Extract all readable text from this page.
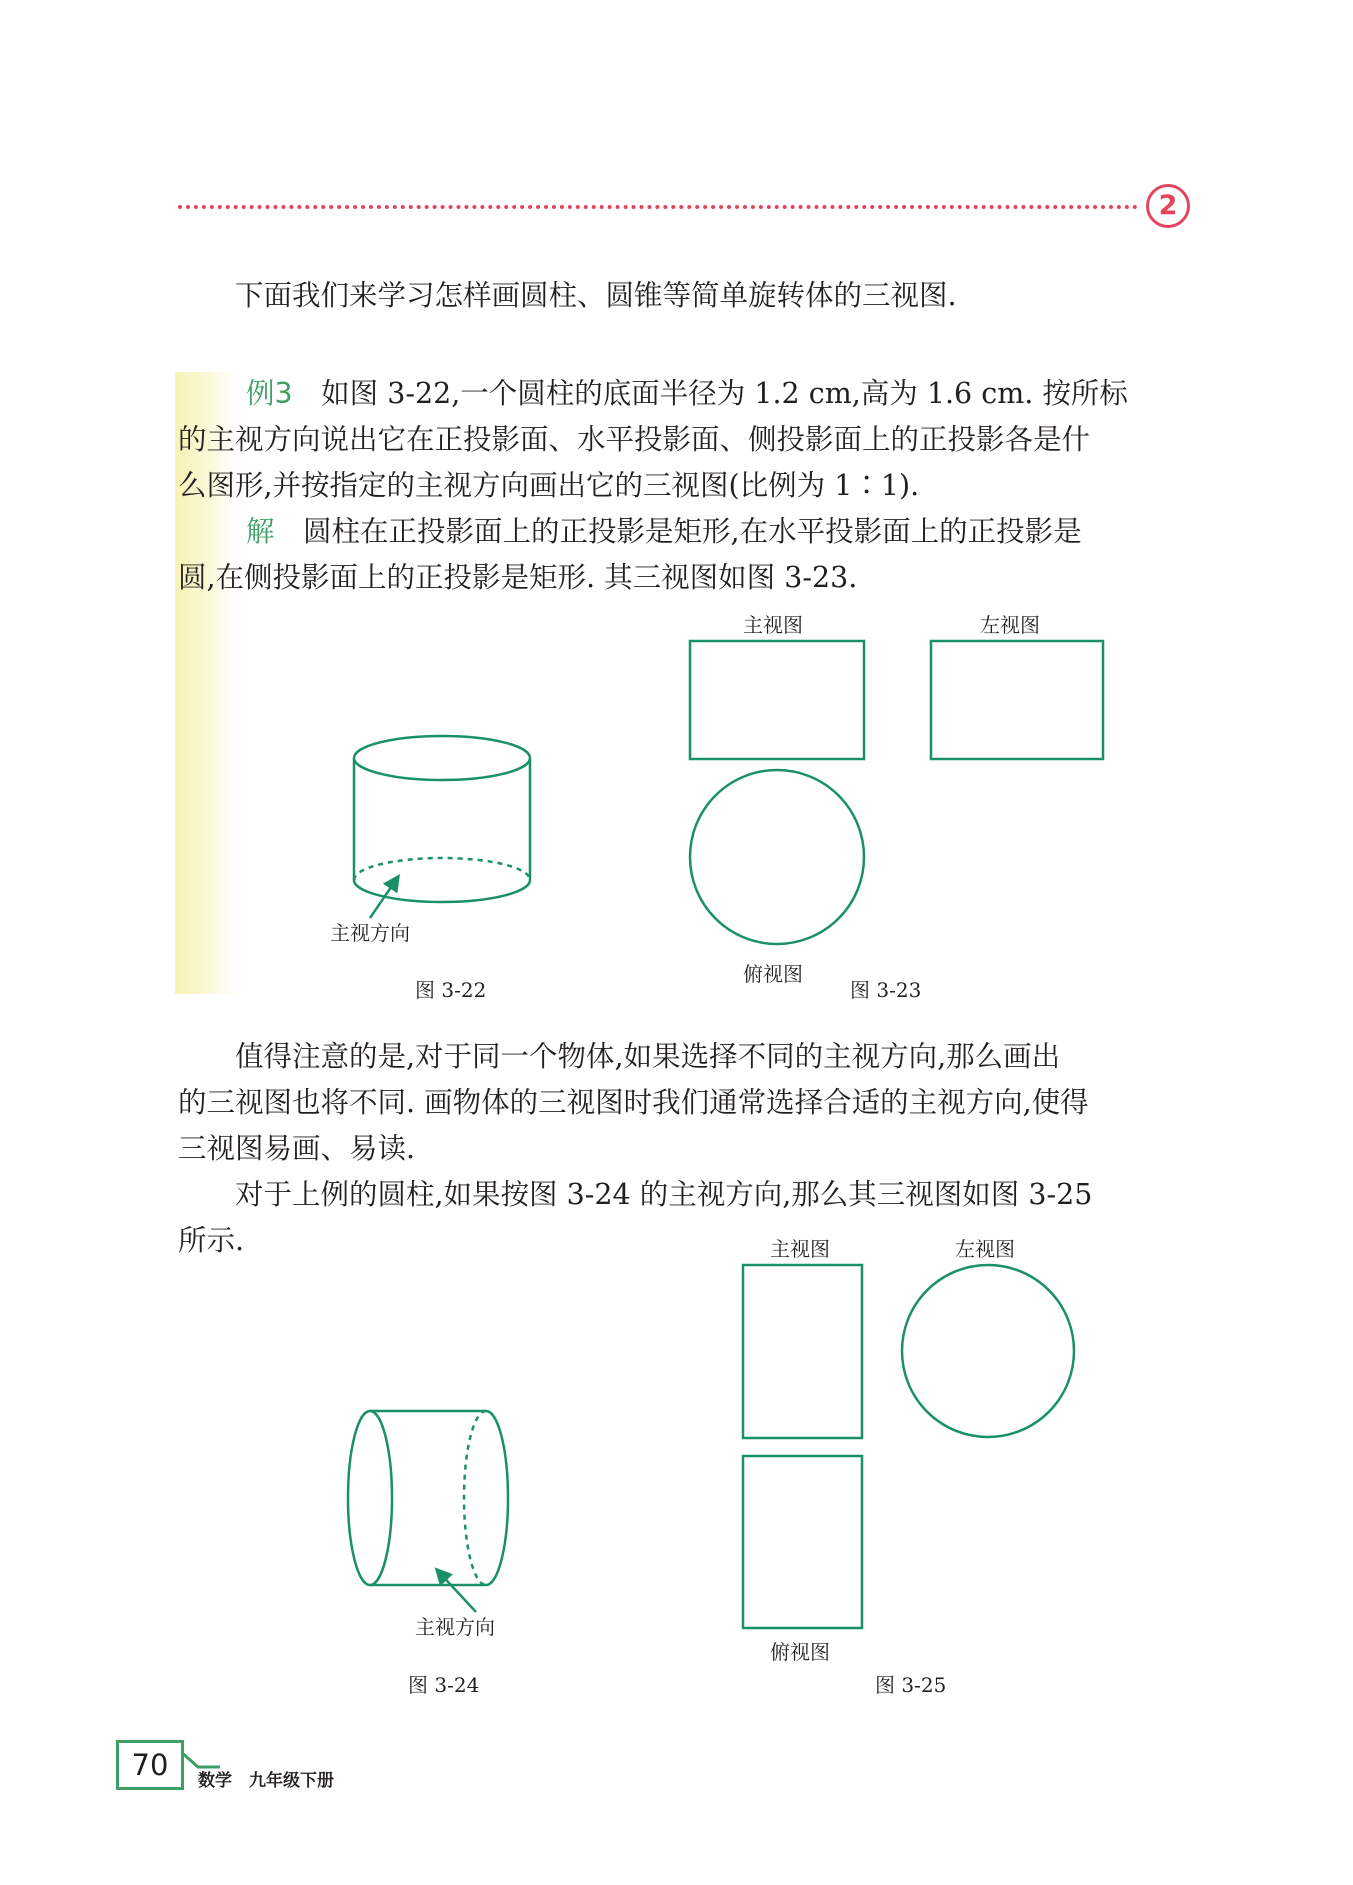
2

下面我们来学习怎样画圆柱、圆锥等简单旋转体的三视图.

例3　 如图 3-22,一个圆柱的底面半径为 1.2 cm,高为 1.6 cm. 按所标

的主视方向说出它在正投影面、水平投影面、侧投影面上的正投影各是什

么图形,并按指定的主视方向画出它的三视图(比例为 1∶1).

解　 圆柱在正投影面上的正投影是矩形,在水平投影面上的正投影是

圆,在侧投影面上的正投影是矩形. 其三视图如图 3-23.

主视方向
图 3-22
主视图	左视图
俯视图
图 3-23

值得注意的是,对于同一个物体,如果选择不同的主视方向,那么画出

的三视图也将不同. 画物体的三视图时我们通常选择合适的主视方向,使得

三视图易画、易读.

对于上例的圆柱,如果按图 3-24 的主视方向,那么其三视图如图 3-25

所示.

主视方向
图 3-24
主视图	左视图
俯视图
图 3-25
70	数学　九年级下册
